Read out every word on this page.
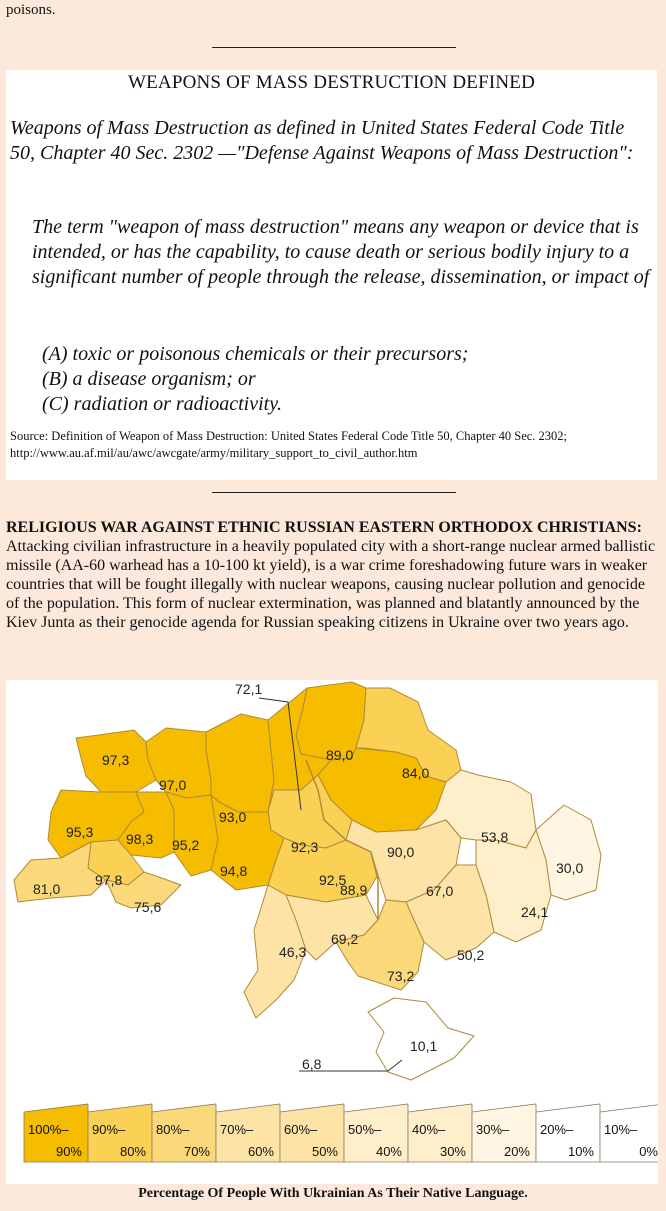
poisons.
WEAPONS OF MASS DESTRUCTION DEFINED
Weapons of Mass Destruction as defined in United States Federal Code Title 50, Chapter 40 Sec. 2302 —"Defense Against Weapons of Mass Destruction":
The term "weapon of mass destruction" means any weapon or device that is intended, or has the capability, to cause death or serious bodily injury to a significant number of people through the release, dissemination, or impact of
(A) toxic or poisonous chemicals or their precursors;
(B) a disease organism; or
(C) radiation or radioactivity.
Source: Definition of Weapon of Mass Destruction: United States Federal Code Title 50, Chapter 40 Sec. 2302; http://www.au.af.mil/au/awc/awcgate/army/military_support_to_civil_author.htm
RELIGIOUS WAR AGAINST ETHNIC RUSSIAN EASTERN ORTHODOX CHRISTIANS: Attacking civilian infrastructure in a heavily populated city with a short-range nuclear armed ballistic missile (AA-60 warhead has a 10-100 kt yield), is a war crime foreshadowing future wars in weaker countries that will be fought illegally with nuclear weapons, causing nuclear pollution and genocide of the population. This form of nuclear extermination, was planned and blatantly announced by the Kiev Junta as their genocide agenda for Russian speaking citizens in Ukraine over two years ago.
97,3
97,0
93,0
89,0
84,0
92,3
72,1
95,3 98,3 95,2	90,0
53,8
30,0
92,5
97,8
81,0
75,6
94,8
88,9	67,0
24,1
46,3
69,2
50,2
73,2
10,1
6,8
100%–
90%
90%–
80%
80%–
70%
70%–
60%
60%–
50%
50%–
40%
40%–
30%
30%–
20%
20%–
10%
10%–
0%
Percentage Of People With Ukrainian As Their Native Language.
